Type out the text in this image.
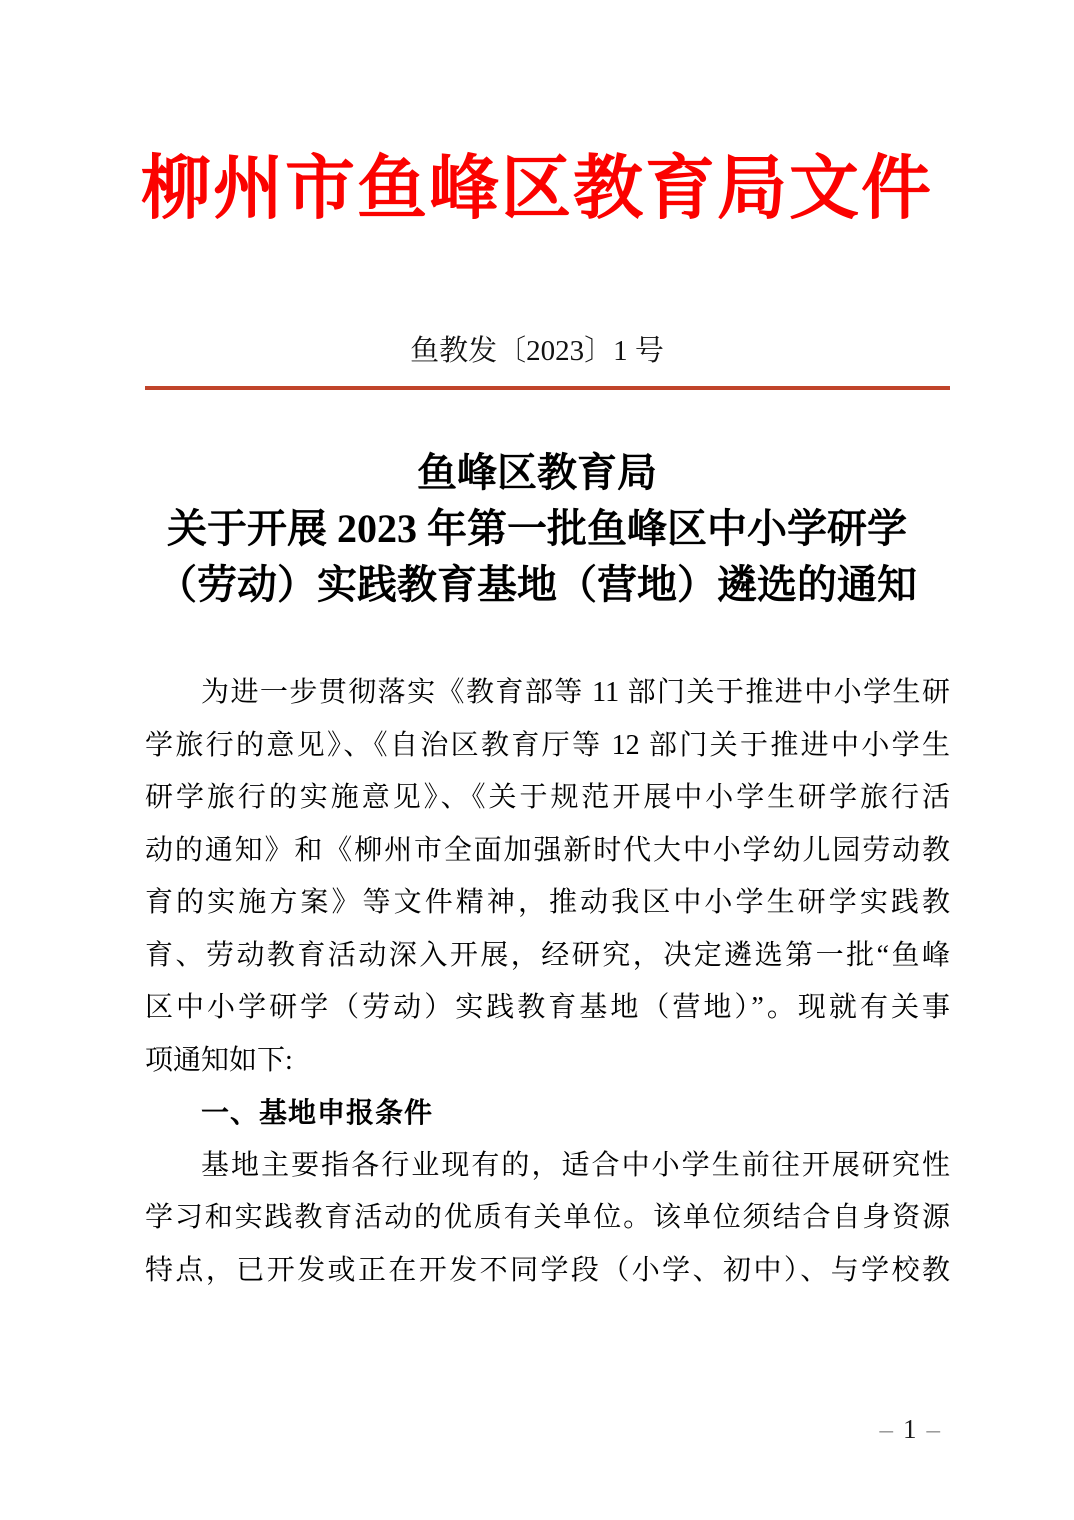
柳州市鱼峰区教育局文件
鱼教发〔2023〕1 号
鱼峰区教育局
关于开展 2023 年第一批鱼峰区中小学研学
（劳动）实践教育基地（营地）遴选的通知
为进一步贯彻落实《教育部等 11 部门关于推进中小学生研
学旅行的意见》、《自治区教育厅等 12 部门关于推进中小学生
研学旅行的实施意见》、《关于规范开展中小学生研学旅行活
动的通知》和《柳州市全面加强新时代大中小学幼儿园劳动教
育的实施方案》等文件精神，推动我区中小学生研学实践教
育、劳动教育活动深入开展，经研究，决定遴选第一批“鱼峰
区中小学研学（劳动）实践教育基地（营地）”。现就有关事
项通知如下:
一、基地申报条件
基地主要指各行业现有的，适合中小学生前往开展研究性
学习和实践教育活动的优质有关单位。该单位须结合自身资源
特点，已开发或正在开发不同学段（小学、初中）、与学校教
– 1 –
